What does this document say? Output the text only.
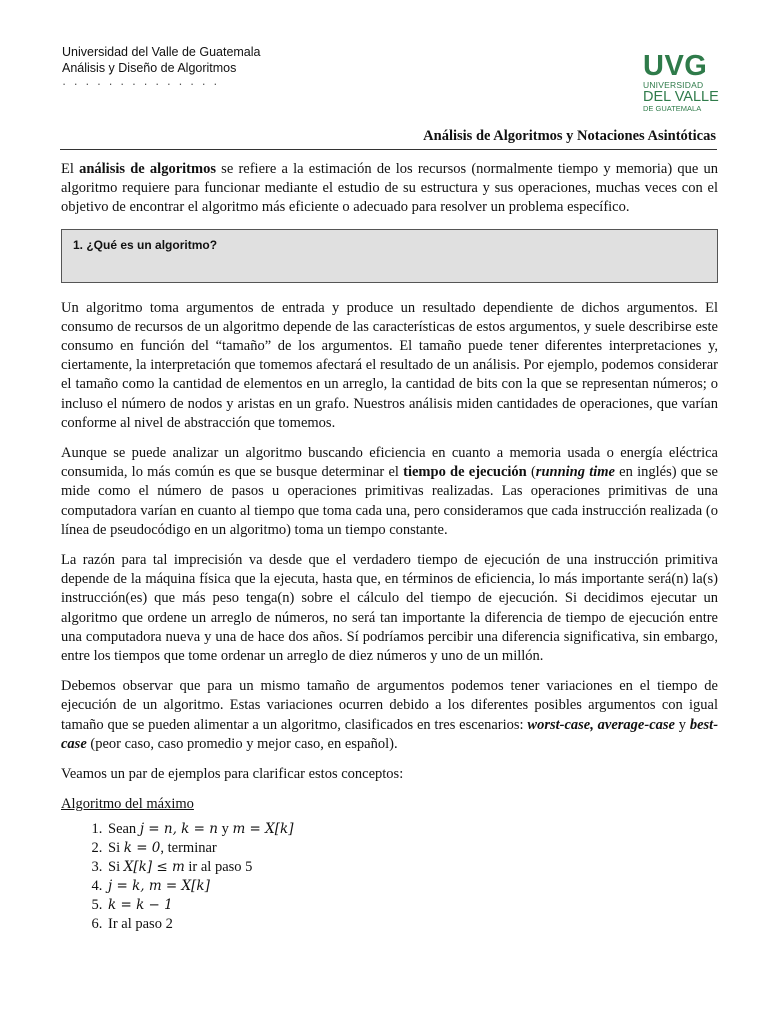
Universidad del Valle de Guatemala
Análisis y Diseño de Algoritmos
· · · · · · · · · · · · · ·
UVG
UNIVERSIDAD
DEL VALLE
DE GUATEMALA
Análisis de Algoritmos y Notaciones Asintóticas

El análisis de algoritmos se refiere a la estimación de los recursos (normalmente tiempo y memoria) que un algoritmo requiere para funcionar mediante el estudio de su estructura y sus operaciones, muchas veces con el objetivo de encontrar el algoritmo más eficiente o adecuado para resolver un problema específico.

1. ¿Qué es un algoritmo?

Un algoritmo toma argumentos de entrada y produce un resultado dependiente de dichos argumentos. El consumo de recursos de un algoritmo depende de las características de estos argumentos, y suele describirse este consumo en función del “tamaño” de los argumentos. El tamaño puede tener diferentes interpretaciones y, ciertamente, la interpretación que tomemos afectará el resultado de un análisis. Por ejemplo, podemos considerar el tamaño como la cantidad de elementos en un arreglo, la cantidad de bits con la que se representan números; o incluso el número de nodos y aristas en un grafo. Nuestros análisis miden cantidades de operaciones, que varían conforme al nivel de abstracción que tomemos.

Aunque se puede analizar un algoritmo buscando eficiencia en cuanto a memoria usada o energía eléctrica consumida, lo más común es que se busque determinar el tiempo de ejecución (running time en inglés) que se mide como el número de pasos u operaciones primitivas realizadas. Las operaciones primitivas de una computadora varían en cuanto al tiempo que toma cada una, pero consideramos que cada instrucción realizada (o línea de pseudocódigo en un algoritmo) toma un tiempo constante.

La razón para tal imprecisión va desde que el verdadero tiempo de ejecución de una instrucción primitiva depende de la máquina física que la ejecuta, hasta que, en términos de eficiencia, lo más importante será(n) la(s) instrucción(es) que más peso tenga(n) sobre el cálculo del tiempo de ejecución. Si decidimos ejecutar un algoritmo que ordene un arreglo de números, no será tan importante la diferencia de tiempo de ejecución entre una computadora nueva y una de hace dos años. Sí podríamos percibir una diferencia significativa, sin embargo, entre los tiempos que tome ordenar un arreglo de diez números y uno de un millón.

Debemos observar que para un mismo tamaño de argumentos podemos tener variaciones en el tiempo de ejecución de un algoritmo. Estas variaciones ocurren debido a los diferentes posibles argumentos con igual tamaño que se pueden alimentar a un algoritmo, clasificados en tres escenarios: worst-case, average-case y best-case (peor caso, caso promedio y mejor caso, en español).

Veamos un par de ejemplos para clarificar estos conceptos:

Algoritmo del máximo
1. Sean j = n, k = n y m = X[k]
2. Si k = 0, terminar
3. Si X[k] ≤ m ir al paso 5
4. j = k, m = X[k]
5. k = k − 1
6. Ir al paso 2
